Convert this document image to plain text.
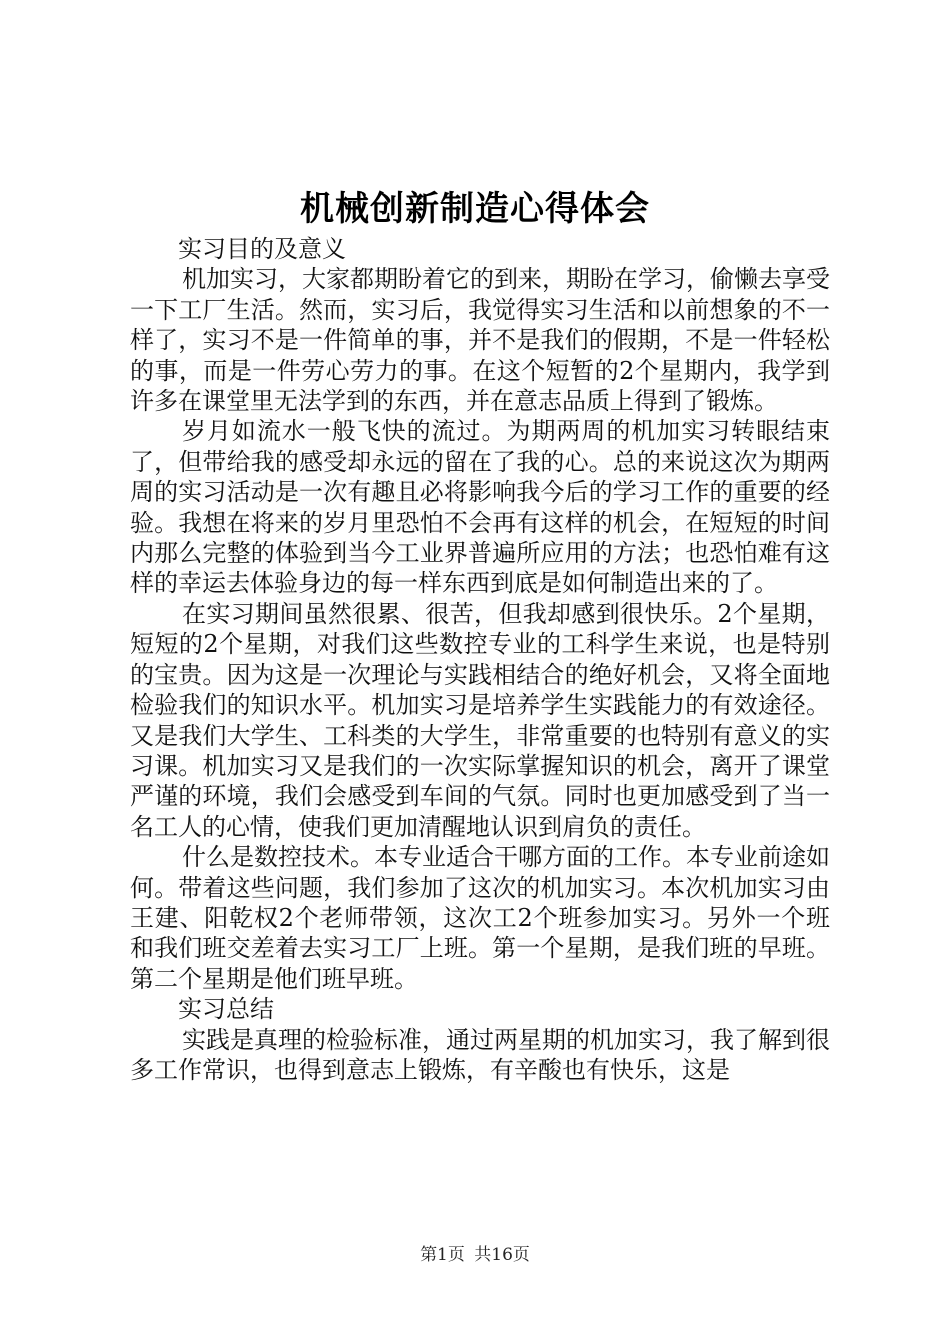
机械创新制造心得体会

实习目的及意义

机加实习，大家都期盼着它的到来，期盼在学习，偷懒去享受一下工厂生活。然而，实习后，我觉得实习生活和以前想象的不一样了，实习不是一件简单的事，并不是我们的假期，不是一件轻松的事，而是一件劳心劳力的事。在这个短暂的2个星期内，我学到许多在课堂里无法学到的东西，并在意志品质上得到了锻炼。

岁月如流水一般飞快的流过。为期两周的机加实习转眼结束了，但带给我的感受却永远的留在了我的心。总的来说这次为期两周的实习活动是一次有趣且必将影响我今后的学习工作的重要的经验。我想在将来的岁月里恐怕不会再有这样的机会，在短短的时间内那么完整的体验到当今工业界普遍所应用的方法；也恐怕难有这样的幸运去体验身边的每一样东西到底是如何制造出来的了。

在实习期间虽然很累、很苦，但我却感到很快乐。2个星期，短短的2个星期，对我们这些数控专业的工科学生来说，也是特别的宝贵。因为这是一次理论与实践相结合的绝好机会，又将全面地检验我们的知识水平。机加实习是培养学生实践能力的有效途径。又是我们大学生、工科类的大学生，非常重要的也特别有意义的实习课。机加实习又是我们的一次实际掌握知识的机会，离开了课堂严谨的环境，我们会感受到车间的气氛。同时也更加感受到了当一名工人的心情，使我们更加清醒地认识到肩负的责任。

什么是数控技术。本专业适合干哪方面的工作。本专业前途如何。带着这些问题，我们参加了这次的机加实习。本次机加实习由王建、阳乾权2个老师带领，这次工2个班参加实习。另外一个班和我们班交差着去实习工厂上班。第一个星期，是我们班的早班。第二个星期是他们班早班。

实习总结

实践是真理的检验标准，通过两星期的机加实习，我了解到很多工作常识，也得到意志上锻炼，有辛酸也有快乐，这是

第1页 共16页
